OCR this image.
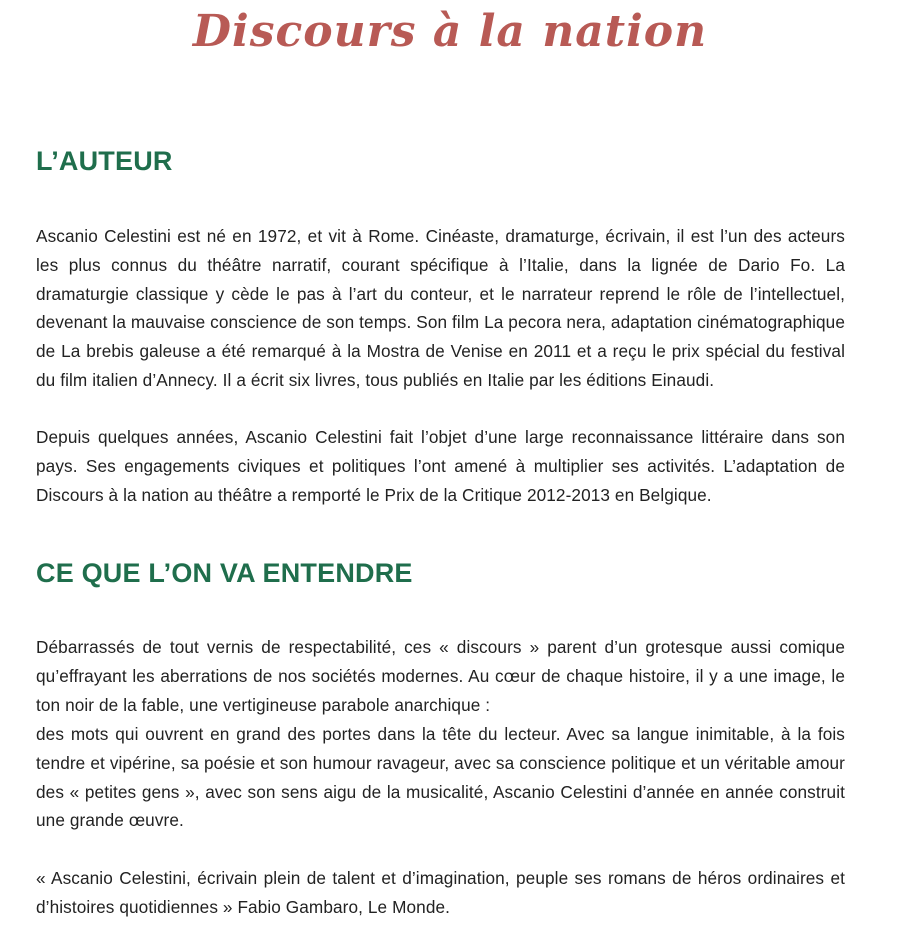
Discours à la nation
L’AUTEUR

Ascanio Celestini est né en 1972, et vit à Rome. Cinéaste, dramaturge, écrivain, il est l’un des acteurs les plus connus du théâtre narratif, courant spécifique à l’Italie, dans la lignée de Dario Fo. La dramaturgie classique y cède le pas à l’art du conteur, et le narrateur reprend le rôle de l’intellectuel, devenant la mauvaise conscience de son temps. Son film La pecora nera, adaptation cinématographique de La brebis galeuse a été remarqué à la Mostra de Venise en 2011 et a reçu le prix spécial du festival du film italien d’Annecy. Il a écrit six livres, tous publiés en Italie par les éditions Einaudi.

Depuis quelques années, Ascanio Celestini fait l’objet d’une large reconnaissance littéraire dans son pays. Ses engagements civiques et politiques l’ont amené à multiplier ses activités. L’adaptation de Discours à la nation au théâtre a remporté le Prix de la Critique 2012-2013 en Belgique.

CE QUE L’ON VA ENTENDRE

Débarrassés de tout vernis de respectabilité, ces « discours » parent d’un grotesque aussi comique qu’effrayant les aberrations de nos sociétés modernes. Au cœur de chaque histoire, il y a une image, le ton noir de la fable, une vertigineuse parabole anarchique :

des mots qui ouvrent en grand des portes dans la tête du lecteur. Avec sa langue inimitable, à la fois tendre et vipérine, sa poésie et son humour ravageur, avec sa conscience politique et un véritable amour des « petites gens », avec son sens aigu de la musicalité, Ascanio Celestini d’année en année construit une grande œuvre.

« Ascanio Celestini, écrivain plein de talent et d’imagination, peuple ses romans de héros ordinaires et d’histoires quotidiennes » Fabio Gambaro, Le Monde.
